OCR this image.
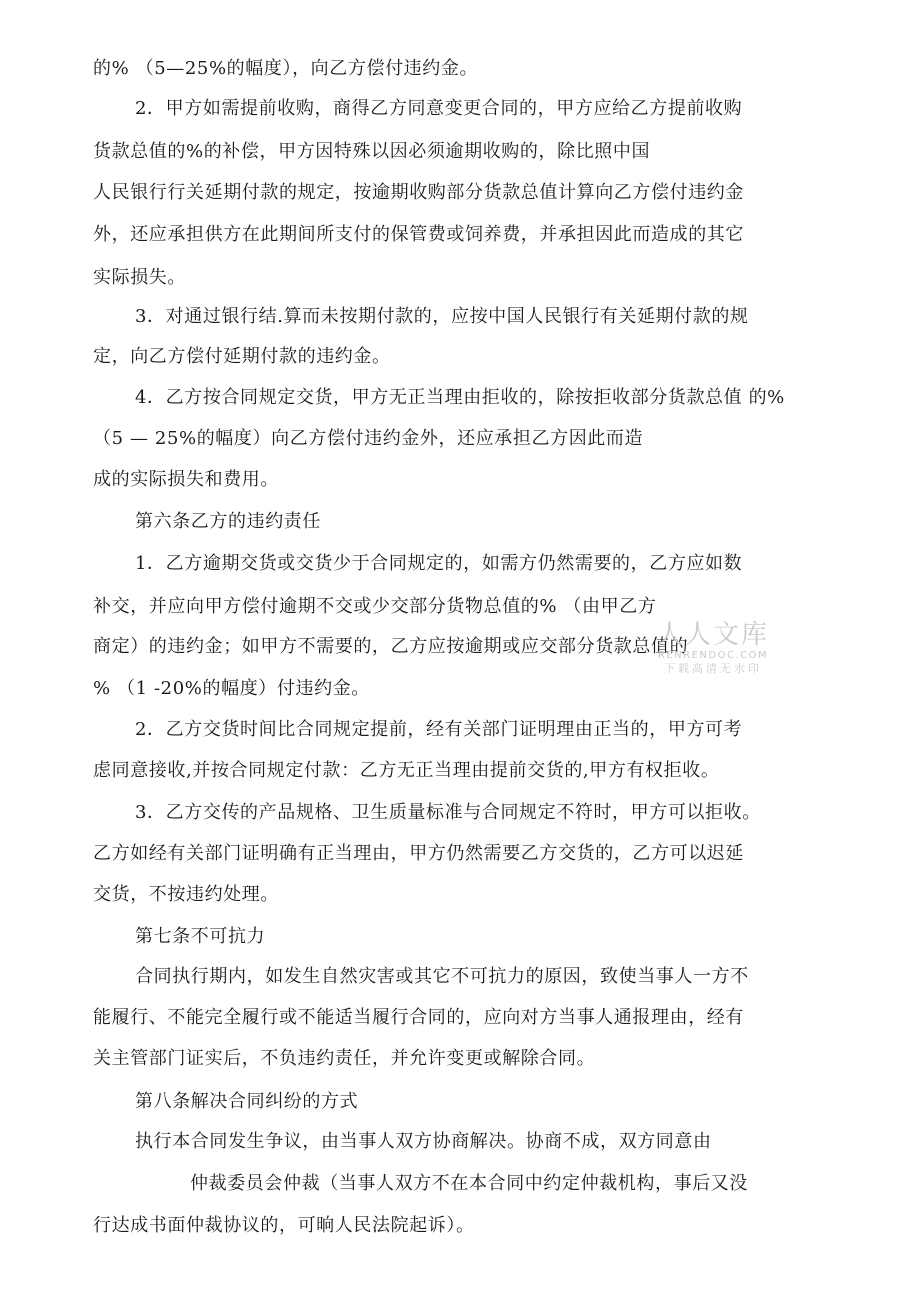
的% （5—25%的幅度），向乙方偿付违约金。
2．甲方如需提前收购，商得乙方同意变更合同的，甲方应给乙方提前收购
货款总值的%的补偿，甲方因特殊以因必须逾期收购的，除比照中国
人民银行行关延期付款的规定，按逾期收购部分货款总值计算向乙方偿付违约金
外，还应承担供方在此期间所支付的保管费或饲养费，并承担因此而造成的其它
实际损失。
3．对通过银行结.算而未按期付款的，应按中国人民银行有关延期付款的规
定，向乙方偿付延期付款的违约金。
4．乙方按合同规定交货，甲方无正当理由拒收的，除按拒收部分货款总值 的%
（5 — 25%的幅度）向乙方偿付违约金外，还应承担乙方因此而造
成的实际损失和费用。
第六条乙方的违约责任
1．乙方逾期交货或交货少于合同规定的，如需方仍然需要的，乙方应如数
补交，并应向甲方偿付逾期不交或少交部分货物总值的% （由甲乙方
商定）的违约金；如甲方不需要的，乙方应按逾期或应交部分货款总值的
% （1 -20%的幅度）付违约金。
2．乙方交货时间比合同规定提前，经有关部门证明理由正当的，甲方可考
虑同意接收,并按合同规定付款：乙方无正当理由提前交货的,甲方有权拒收。
3．乙方交传的产品规格、卫生质量标准与合同规定不符时，甲方可以拒收。
乙方如经有关部门证明确有正当理由，甲方仍然需要乙方交货的，乙方可以迟延
交货，不按违约处理。
第七条不可抗力
合同执行期内，如发生自然灾害或其它不可抗力的原因，致使当事人一方不
能履行、不能完全履行或不能适当履行合同的，应向对方当事人通报理由，经有
关主管部门证实后，不负违约责任，并允许变更或解除合同。
第八条解决合同纠纷的方式
执行本合同发生争议，由当事人双方协商解决。协商不成，双方同意由
仲裁委员会仲裁（当事人双方不在本合同中约定仲裁机构，事后又没
行达成书面仲裁协议的，可晌人民法院起诉）。
人人文库
RENRENDOC.COM
下载高清无水印
